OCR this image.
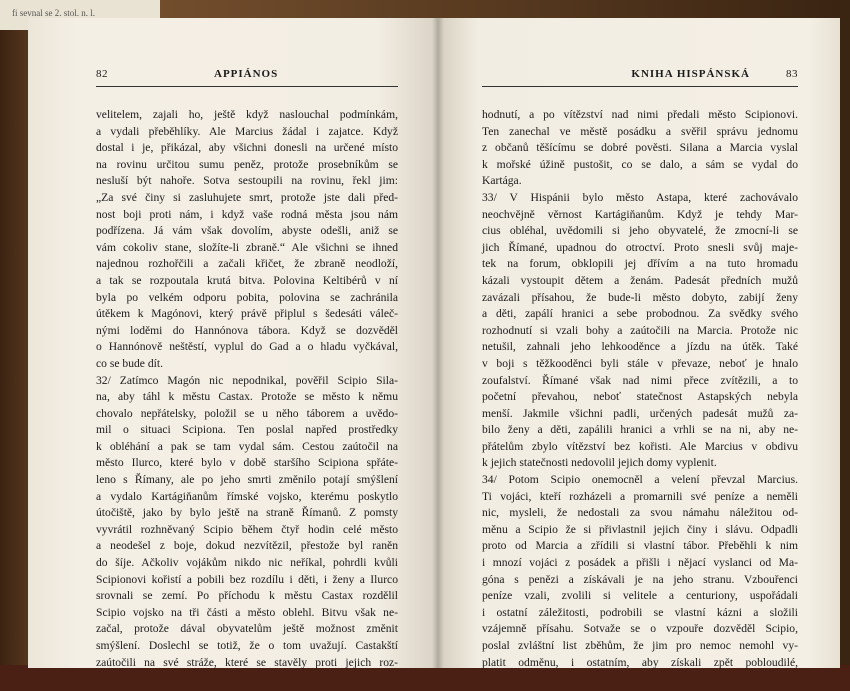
fi sevnal se 2. stol. n. l.
82	APPIÁNOS
velitelem, zajali ho, ještě když naslouchal podmínkám,
a vydali přeběhlíky. Ale Marcius žádal i zajatce. Když
dostal i je, přikázal, aby všichni donesli na určené místo
na rovinu určitou sumu peněz, protože prosebníkům se
nesluší být nahoře. Sotva sestoupili na rovinu, řekl jim:
„Za své činy si zasluhujete smrt, protože jste dali před-
nost boji proti nám, i když vaše rodná města jsou nám
podřízena. Já vám však dovolím, abyste odešli, aniž se
vám cokoliv stane, složíte-li zbraně.“ Ale všichni se ihned
najednou rozhořčili a začali křičet, že zbraně neodloží,
a tak se rozpoutala krutá bitva. Polovina Keltibérů v ní
byla po velkém odporu pobita, polovina se zachránila
útěkem k Magónovi, který právě připlul s šedesáti váleč-
nými loděmi do Hannónova tábora. Když se dozvěděl
o Hannónově neštěstí, vyplul do Gad a o hladu vyčkával,
co se bude dít.
32/ Zatímco Magón nic nepodnikal, pověřil Scipio Sila-
na, aby táhl k městu Castax. Protože se město k němu
chovalo nepřátelsky, položil se u něho táborem a uvědo-
mil o situaci Scipiona. Ten poslal napřed prostředky
k obléhání a pak se tam vydal sám. Cestou zaútočil na
město Ilurco, které bylo v době staršího Scipiona spřáte-
leno s Římany, ale po jeho smrti změnilo potají smýšlení
a vydalo Kartágiňanům římské vojsko, kterému poskytlo
útočiště, jako by bylo ještě na straně Římanů. Z pomsty
vyvrátil rozhněvaný Scipio během čtyř hodin celé město
a neodešel z boje, dokud nezvítězil, přestože byl raněn
do šíje. Ačkoliv vojákům nikdo nic neříkal, pohrdli kvůli
Scipionovi kořistí a pobili bez rozdílu i děti, i ženy a Ilurco
srovnali se zemí. Po příchodu k městu Castax rozdělil
Scipio vojsko na tři části a město oblehl. Bitvu však ne-
začal, protože dával obyvatelům ještě možnost změnit
smýšlení. Doslechl se totiž, že o tom uvažují. Castakští
zaútočili na své stráže, které se stavěly proti jejich roz-
KNIHA HISPÁNSKÁ	83
hodnutí, a po vítězství nad nimi předali město Scipionovi.
Ten zanechal ve městě posádku a svěřil správu jednomu
z občanů těšícímu se dobré pověsti. Silana a Marcia vyslal
k mořské úžině pustošit, co se dalo, a sám se vydal do
Kartága.
33/ V Hispánii bylo město Astapa, které zachovávalo
neochvějně věrnost Kartágiňanům. Když je tehdy Mar-
cius obléhal, uvědomili si jeho obyvatelé, že zmocní-li se
jich Římané, upadnou do otroctví. Proto snesli svůj maje-
tek na forum, obklopili jej dřívím a na tuto hromadu
kázali vystoupit dětem a ženám. Padesát předních mužů
zavázali přísahou, že bude-li město dobyto, zabijí ženy
a děti, zapálí hranici a sebe probodnou. Za svědky svého
rozhodnutí si vzali bohy a zaútočili na Marcia. Protože nic
netušil, zahnali jeho lehkooděnce a jízdu na útěk. Také
v boji s těžkooděnci byli stále v převaze, neboť je hnalo
zoufalství. Římané však nad nimi přece zvítězili, a to
početní převahou, neboť statečnost Astapských nebyla
menší. Jakmile všichni padli, určených padesát mužů za-
bilo ženy a děti, zapálili hranici a vrhli se na ni, aby ne-
přátelům zbylo vítězství bez kořisti. Ale Marcius v obdivu
k jejich statečnosti nedovolil jejich domy vyplenit.
34/ Potom Scipio onemocněl a velení převzal Marcius.
Ti vojáci, kteří rozházeli a promarnili své peníze a neměli
nic, mysleli, že nedostali za svou námahu náležitou od-
měnu a Scipio že si přivlastnil jejich činy i slávu. Odpadli
proto od Marcia a zřídili si vlastní tábor. Přeběhli k nim
i mnozí vojáci z posádek a přišli i nějací vyslanci od Ma-
góna s penězi a získávali je na jeho stranu. Vzbouřenci
peníze vzali, zvolili si velitele a centuriony, uspořádali
i ostatní záležitosti, podrobili se vlastní kázni a složili
vzájemně přísahu. Sotvaže se o vzpouře dozvěděl Scipio,
poslal zvláštní list zběhům, že jim pro nemoc nemohl vy-
platit odměnu, i ostatním, aby získali zpět pobloudilé,
